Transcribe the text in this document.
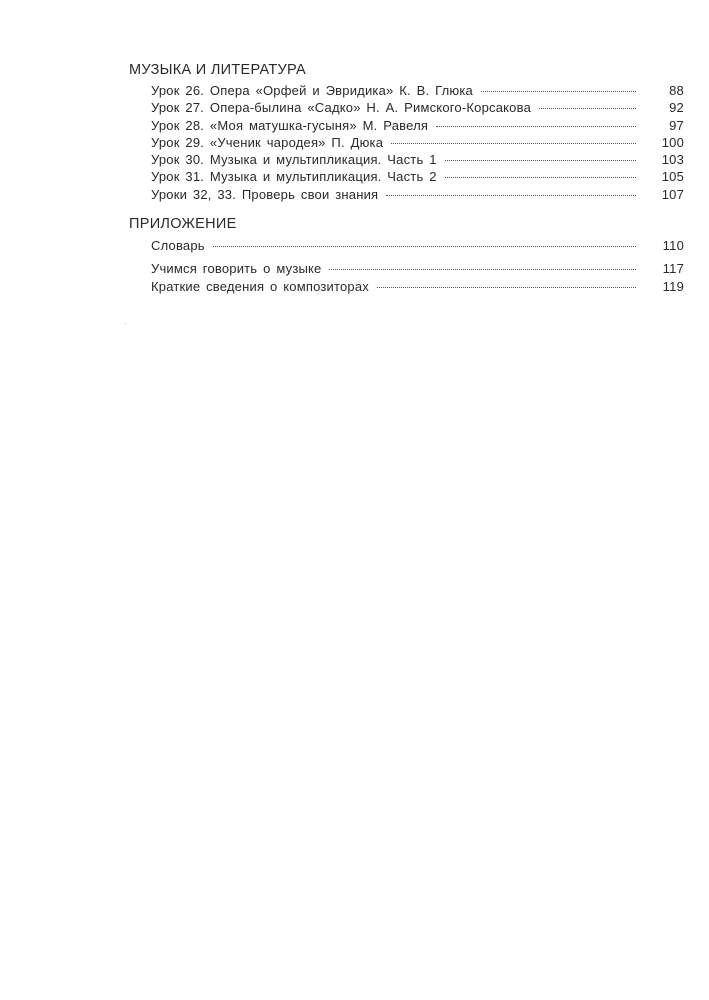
МУЗЫКА И ЛИТЕРАТУРА
Урок 26. Опера «Орфей и Эвридика» К. В. Глюка	88
Урок 27. Опера-былина «Садко» Н. А. Римского-Корсакова	92
Урок 28. «Моя матушка-гусыня» М. Равеля	97
Урок 29. «Ученик чародея» П. Дюка	100
Урок 30. Музыка и мультипликация. Часть 1	103
Урок 31. Музыка и мультипликация. Часть 2	105
Уроки 32, 33. Проверь свои знания	107
ПРИЛОЖЕНИЕ
Словарь	110
Учимся говорить о музыке	117
Краткие сведения о композиторах	119
